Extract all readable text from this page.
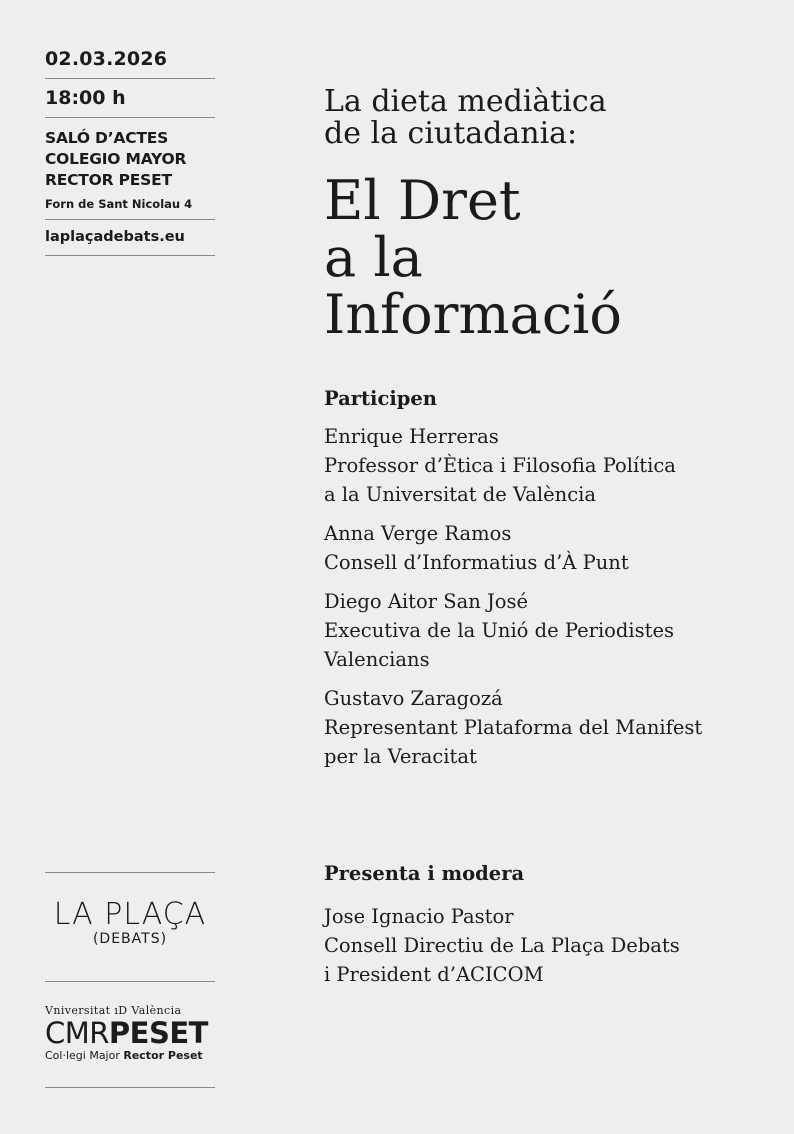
02.03.2026
18:00 h
SALÓ D’ACTES
COLEGIO MAYOR
RECTOR PESET
Forn de Sant Nicolau 4
laplaçadebats.eu
LA PLAÇA
(DEBATS)
Vniversitat ıD València
CMRPESET
Col·legi Major Rector Peset
La dieta mediàtica
de la ciutadania:
El Dret
a la
Informació
Participen
Enrique Herreras
Professor d’Ètica i Filosofia Política
a la Universitat de València
Anna Verge Ramos
Consell d’Informatius d’À Punt
Diego Aitor San José
Executiva de la Unió de Periodistes
Valencians
Gustavo Zaragozá
Representant Plataforma del Manifest
per la Veracitat
Presenta i modera
Jose Ignacio Pastor
Consell Directiu de La Plaça Debats
i President d’ACICOM
